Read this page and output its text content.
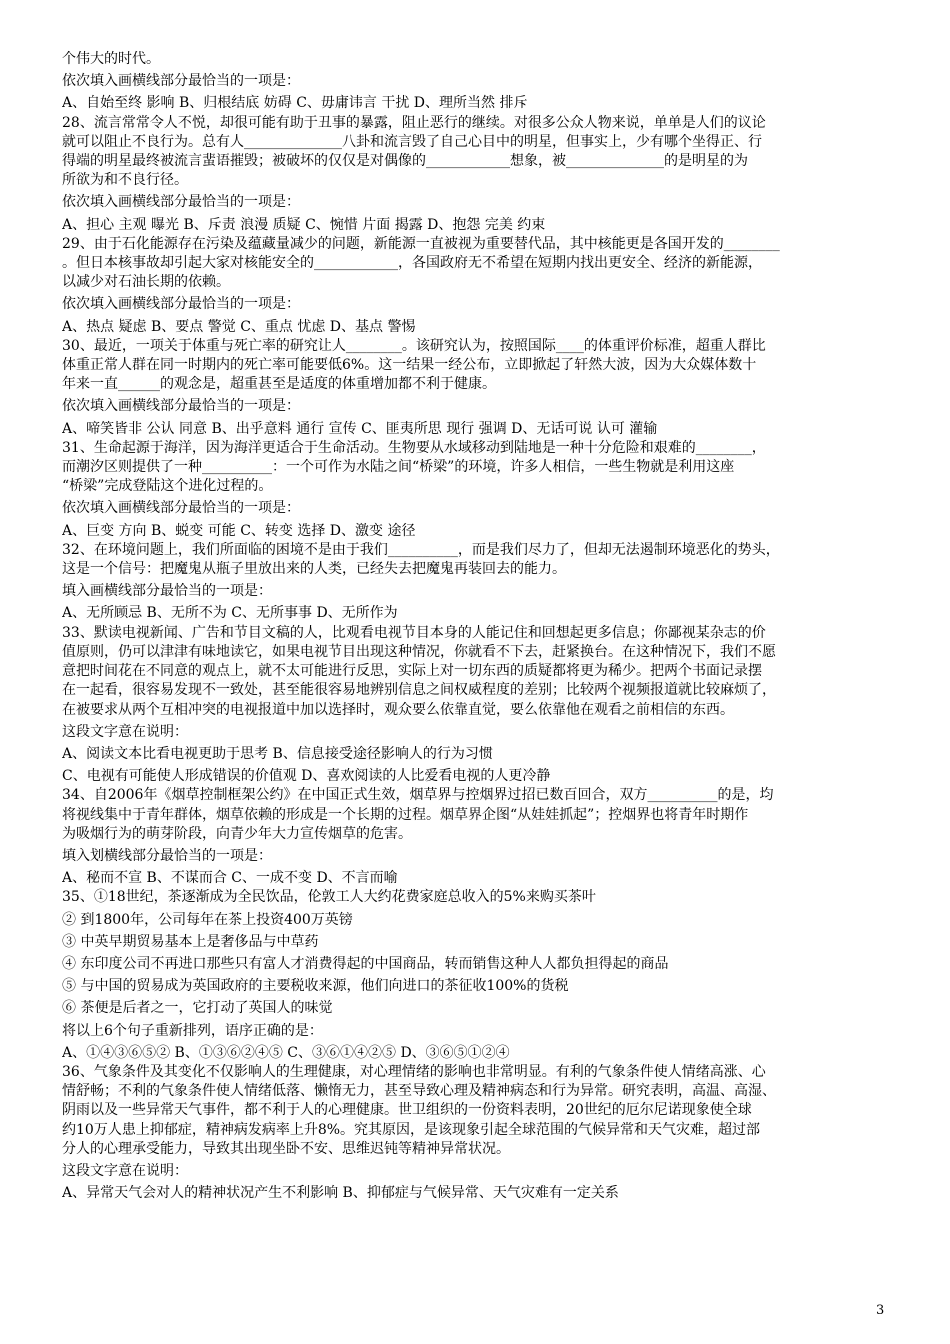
个伟大的时代。
依次填入画横线部分最恰当的一项是：
A、自始至终 影响 B、归根结底 妨碍 C、毋庸讳言 干扰 D、理所当然 排斥
28、流言常常令人不悦，却很可能有助于丑事的暴露，阻止恶行的继续。对很多公众人物来说，单单是人们的议论
就可以阻止不良行为。总有人______________八卦和流言毁了自己心目中的明星，但事实上，少有哪个坐得正、行
得端的明星最终被流言蜚语摧毁；被破坏的仅仅是对偶像的____________想象，被______________的是明星的为
所欲为和不良行径。
依次填入画横线部分最恰当的一项是：
A、担心 主观 曝光 B、斥责 浪漫 质疑 C、惋惜 片面 揭露 D、抱怨 完美 约束
29、由于石化能源存在污染及蕴藏量减少的问题，新能源一直被视为重要替代品，其中核能更是各国开发的________
。但日本核事故却引起大家对核能安全的____________，各国政府无不希望在短期内找出更安全、经济的新能源，
以减少对石油长期的依赖。
依次填入画横线部分最恰当的一项是：
A、热点 疑虑 B、要点 警觉 C、重点 忧虑 D、基点 警惕
30、最近，一项关于体重与死亡率的研究让人________。该研究认为，按照国际____的体重评价标准，超重人群比
体重正常人群在同一时期内的死亡率可能要低6%。这一结果一经公布，立即掀起了轩然大波，因为大众媒体数十
年来一直______的观念是，超重甚至是适度的体重增加都不利于健康。
依次填入画横线部分最恰当的一项是：
A、啼笑皆非 公认 同意 B、出乎意料 通行 宣传 C、匪夷所思 现行 强调 D、无话可说 认可 灌输
31、生命起源于海洋，因为海洋更适合于生命活动。生物要从水域移动到陆地是一种十分危险和艰难的________，
而潮汐区则提供了一种__________：一个可作为水陆之间“桥梁”的环境，许多人相信，一些生物就是利用这座
“桥梁”完成登陆这个进化过程的。
依次填入画横线部分最恰当的一项是：
A、巨变 方向 B、蜕变 可能 C、转变 选择 D、激变 途径
32、在环境问题上，我们所面临的困境不是由于我们__________，而是我们尽力了，但却无法遏制环境恶化的势头，
这是一个信号：把魔鬼从瓶子里放出来的人类，已经失去把魔鬼再装回去的能力。
填入画横线部分最恰当的一项是：
A、无所顾忌 B、无所不为 C、无所事事 D、无所作为
33、默读电视新闻、广告和节目文稿的人，比观看电视节目本身的人能记住和回想起更多信息；你鄙视某杂志的价
值原则，仍可以津津有味地读它，如果电视节目出现这种情况，你就看不下去，赶紧换台。在这种情况下，我们不愿
意把时间花在不同意的观点上，就不太可能进行反思，实际上对一切东西的质疑都将更为稀少。把两个书面记录摆
在一起看，很容易发现不一致处，甚至能很容易地辨别信息之间权威程度的差别；比较两个视频报道就比较麻烦了，
在被要求从两个互相冲突的电视报道中加以选择时，观众要么依靠直觉，要么依靠他在观看之前相信的东西。
这段文字意在说明：
A、阅读文本比看电视更助于思考 B、信息接受途径影响人的行为习惯
C、电视有可能使人形成错误的价值观 D、喜欢阅读的人比爱看电视的人更冷静
34、自2006年《烟草控制框架公约》在中国正式生效，烟草界与控烟界过招已数百回合，双方__________的是，均
将视线集中于青年群体，烟草依赖的形成是一个长期的过程。烟草界企图“从娃娃抓起”；控烟界也将青年时期作
为吸烟行为的萌芽阶段，向青少年大力宣传烟草的危害。
填入划横线部分最恰当的一项是：
A、秘而不宣 B、不谋而合 C、一成不变 D、不言而喻
35、①18世纪，茶逐渐成为全民饮品，伦敦工人大约花费家庭总收入的5%来购买茶叶
② 到1800年，公司每年在茶上投资400万英镑
③ 中英早期贸易基本上是奢侈品与中草药
④ 东印度公司不再进口那些只有富人才消费得起的中国商品，转而销售这种人人都负担得起的商品
⑤ 与中国的贸易成为英国政府的主要税收来源，他们向进口的茶征收100%的货税
⑥ 茶便是后者之一，它打动了英国人的味觉
将以上6个句子重新排列，语序正确的是：
A、①④③⑥⑤② B、①③⑥②④⑤ C、③⑥①④②⑤ D、③⑥⑤①②④
36、气象条件及其变化不仅影响人的生理健康，对心理情绪的影响也非常明显。有利的气象条件使人情绪高涨、心
情舒畅；不利的气象条件使人情绪低落、懒惰无力，甚至导致心理及精神病态和行为异常。研究表明，高温、高湿、
阴雨以及一些异常天气事件，都不利于人的心理健康。世卫组织的一份资料表明，20世纪的厄尔尼诺现象使全球
约10万人患上抑郁症，精神病发病率上升8%。究其原因，是该现象引起全球范围的气候异常和天气灾难，超过部
分人的心理承受能力，导致其出现坐卧不安、思维迟钝等精神异常状况。
这段文字意在说明：
A、异常天气会对人的精神状况产生不利影响 B、抑郁症与气候异常、天气灾难有一定关系
3
